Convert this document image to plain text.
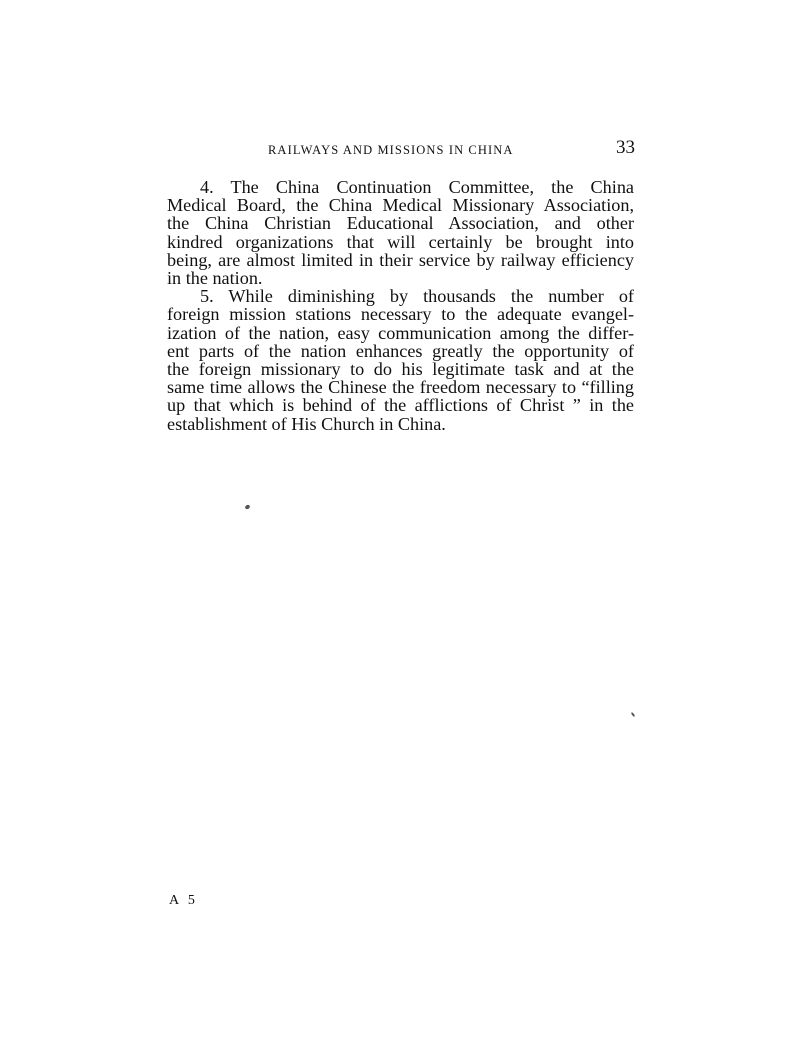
RAILWAYS AND MISSIONS IN CHINA	33
4. The China Continuation Committee, the China
Medical Board, the China Medical Missionary Association,
the China Christian Educational Association, and other
kindred organizations that will certainly be brought into
being, are almost limited in their service by railway efficiency
in the nation.
5. While diminishing by thousands the number of
foreign mission stations necessary to the adequate evangel-
ization of the nation, easy communication among the differ-
ent parts of the nation enhances greatly the opportunity of
the foreign missionary to do his legitimate task and at the
same time allows the Chinese the freedom necessary to “filling
up that which is behind of the afflictions of Christ ” in the
establishment of His Church in China.
A 5
